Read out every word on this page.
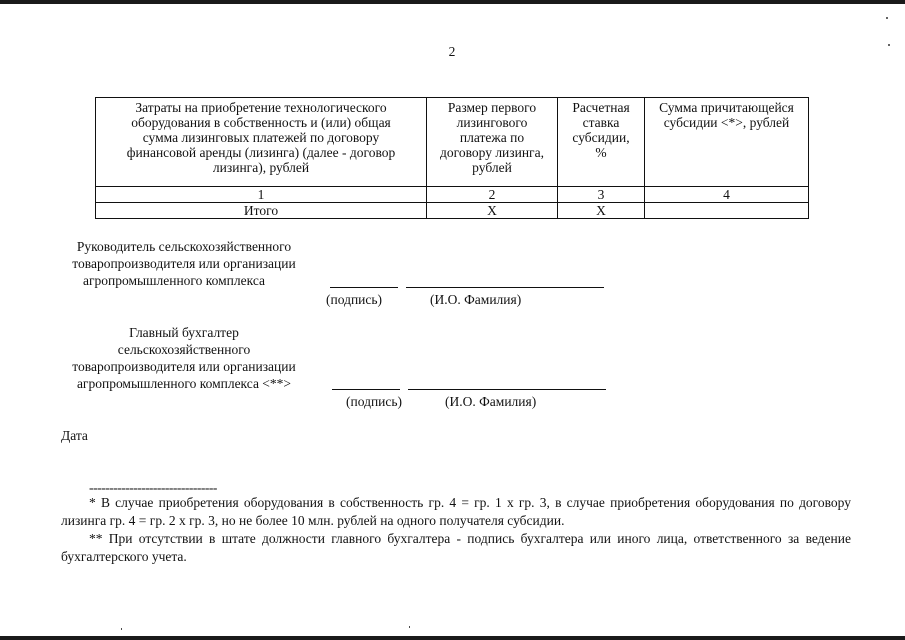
2
Затраты на приобретение технологического оборудования в собственность и (или) общая сумма лизинговых платежей по договору финансовой аренды (лизинга) (далее - договор лизинга), рублей	Размер первого лизингового платежа по договору лизинга, рублей	Расчетная ставка субсидии, %	Сумма причитающейся субсидии <*>, рублей
1	2	3	4
Итого	X	X	
Руководитель сельскохозяйственного
товаропроизводителя или организации
агропромышленного комплекса
(подпись)	(И.О. Фамилия)
Главный бухгалтер
сельскохозяйственного
товаропроизводителя или организации
агропромышленного комплекса <**>
(подпись)	(И.О. Фамилия)
Дата
--------------------------------
* В случае приобретения оборудования в собственность гр. 4 = гр. 1 x гр. 3, в случае приобретения оборудования по договору лизинга гр. 4 = гр. 2 x гр. 3, но не более 10 млн. рублей на одного получателя субсидии.
** При отсутствии в штате должности главного бухгалтера - подпись бухгалтера или иного лица, ответственного за ведение бухгалтерского учета.
